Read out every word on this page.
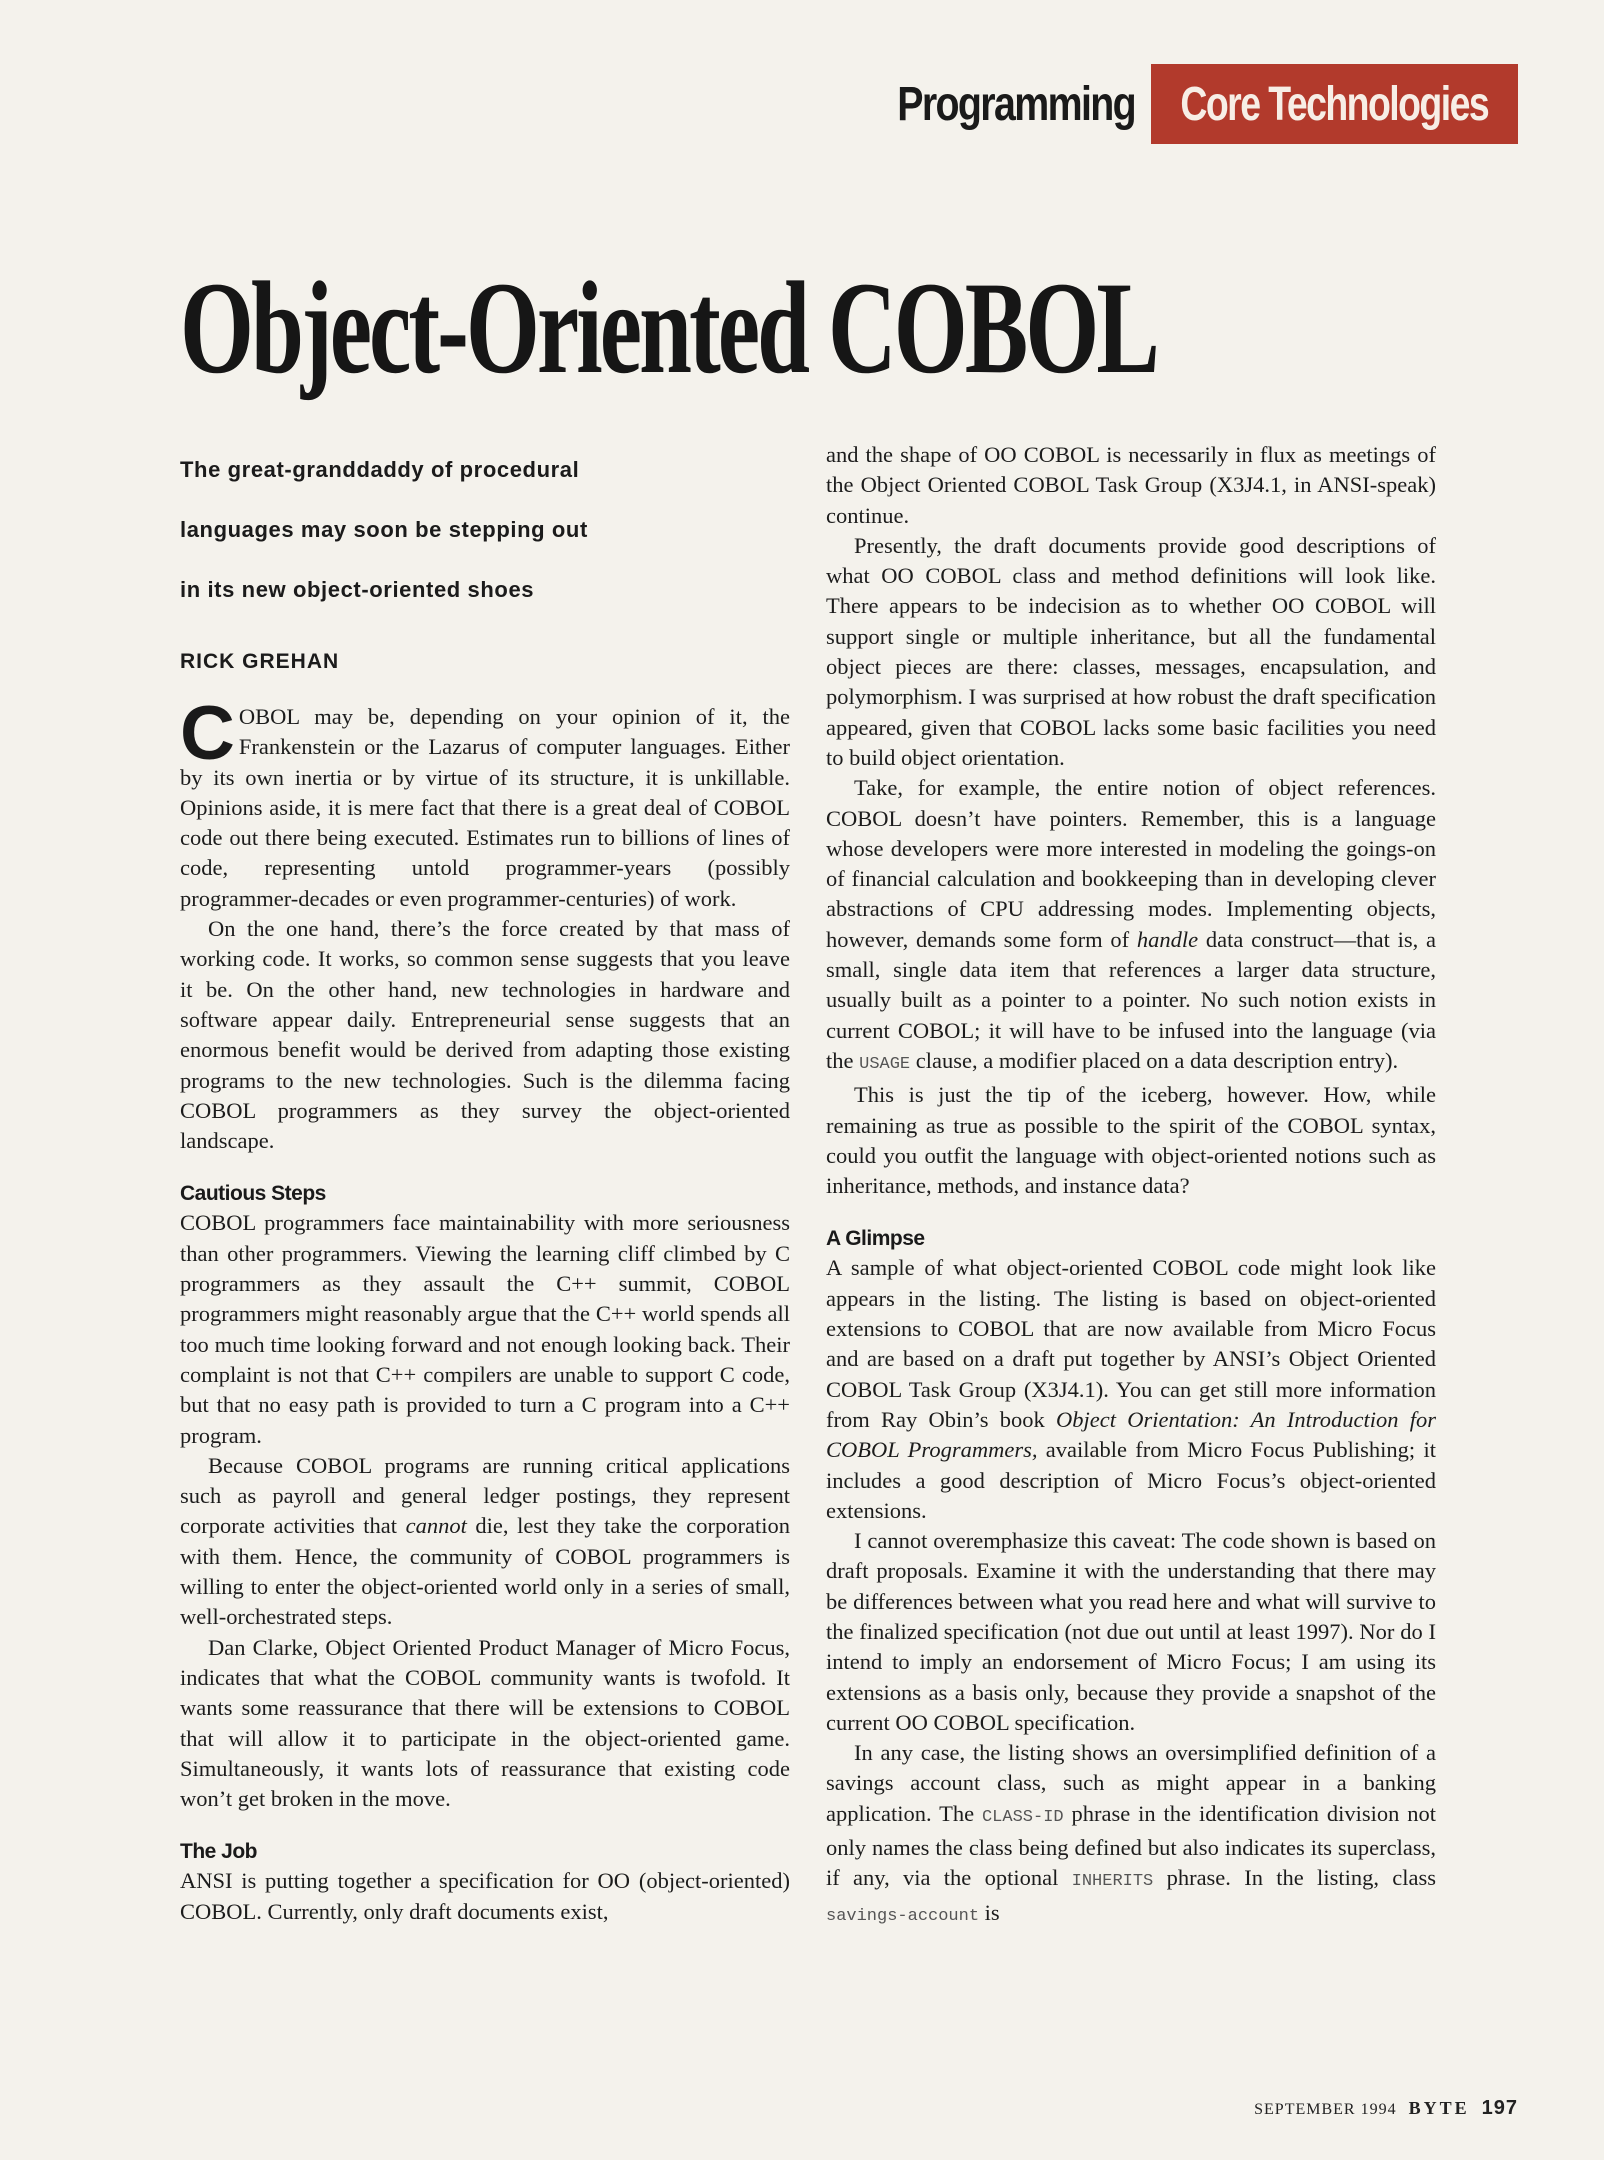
Programming Core Technologies
Object-Oriented COBOL
The great-granddaddy of procedural
languages may soon be stepping out
in its new object-oriented shoes
RICK GREHAN

COBOL may be, depending on your opinion of it, the Frankenstein or the Lazarus of computer languages. Either by its own inertia or by virtue of its structure, it is unkillable. Opinions aside, it is mere fact that there is a great deal of COBOL code out there being executed. Estimates run to billions of lines of code, representing untold programmer-years (possibly programmer-decades or even programmer-centuries) of work.

On the one hand, there’s the force created by that mass of working code. It works, so common sense suggests that you leave it be. On the other hand, new technologies in hardware and software appear daily. Entrepreneurial sense suggests that an enormous benefit would be derived from adapting those existing programs to the new technologies. Such is the dilemma facing COBOL programmers as they survey the object-oriented landscape.

Cautious Steps

COBOL programmers face maintainability with more seriousness than other programmers. Viewing the learning cliff climbed by C programmers as they assault the C++ summit, COBOL programmers might reasonably argue that the C++ world spends all too much time looking forward and not enough looking back. Their complaint is not that C++ compilers are unable to support C code, but that no easy path is provided to turn a C program into a C++ program.

Because COBOL programs are running critical applications such as payroll and general ledger postings, they represent corporate activities that cannot die, lest they take the corporation with them. Hence, the community of COBOL programmers is willing to enter the object-oriented world only in a series of small, well-orchestrated steps.

Dan Clarke, Object Oriented Product Manager of Micro Focus, indicates that what the COBOL community wants is twofold. It wants some reassurance that there will be extensions to COBOL that will allow it to participate in the object-oriented game. Simultaneously, it wants lots of reassurance that existing code won’t get broken in the move.

The Job

ANSI is putting together a specification for OO (object-oriented) COBOL. Currently, only draft documents exist,

and the shape of OO COBOL is necessarily in flux as meetings of the Object Oriented COBOL Task Group (X3J4.1, in ANSI-speak) continue.

Presently, the draft documents provide good descriptions of what OO COBOL class and method definitions will look like. There appears to be indecision as to whether OO COBOL will support single or multiple inheritance, but all the fundamental object pieces are there: classes, messages, encapsulation, and polymorphism. I was surprised at how robust the draft specification appeared, given that COBOL lacks some basic facilities you need to build object orientation.

Take, for example, the entire notion of object references. COBOL doesn’t have pointers. Remember, this is a language whose developers were more interested in modeling the goings-on of financial calculation and bookkeeping than in developing clever abstractions of CPU addressing modes. Implementing objects, however, demands some form of handle data construct—that is, a small, single data item that references a larger data structure, usually built as a pointer to a pointer. No such notion exists in current COBOL; it will have to be infused into the language (via the USAGE clause, a modifier placed on a data description entry).

This is just the tip of the iceberg, however. How, while remaining as true as possible to the spirit of the COBOL syntax, could you outfit the language with object-oriented notions such as inheritance, methods, and instance data?

A Glimpse

A sample of what object-oriented COBOL code might look like appears in the listing. The listing is based on object-oriented extensions to COBOL that are now available from Micro Focus and are based on a draft put together by ANSI’s Object Oriented COBOL Task Group (X3J4.1). You can get still more information from Ray Obin’s book Object Orientation: An Introduction for COBOL Programmers, available from Micro Focus Publishing; it includes a good description of Micro Focus’s object-oriented extensions.

I cannot overemphasize this caveat: The code shown is based on draft proposals. Examine it with the understanding that there may be differences between what you read here and what will survive to the finalized specification (not due out until at least 1997). Nor do I intend to imply an endorsement of Micro Focus; I am using its extensions as a basis only, because they provide a snapshot of the current OO COBOL specification.

In any case, the listing shows an oversimplified definition of a savings account class, such as might appear in a banking application. The CLASS-ID phrase in the identification division not only names the class being defined but also indicates its superclass, if any, via the optional INHERITS phrase. In the listing, class savings-account is

SEPTEMBER 1994 BYTE 197
